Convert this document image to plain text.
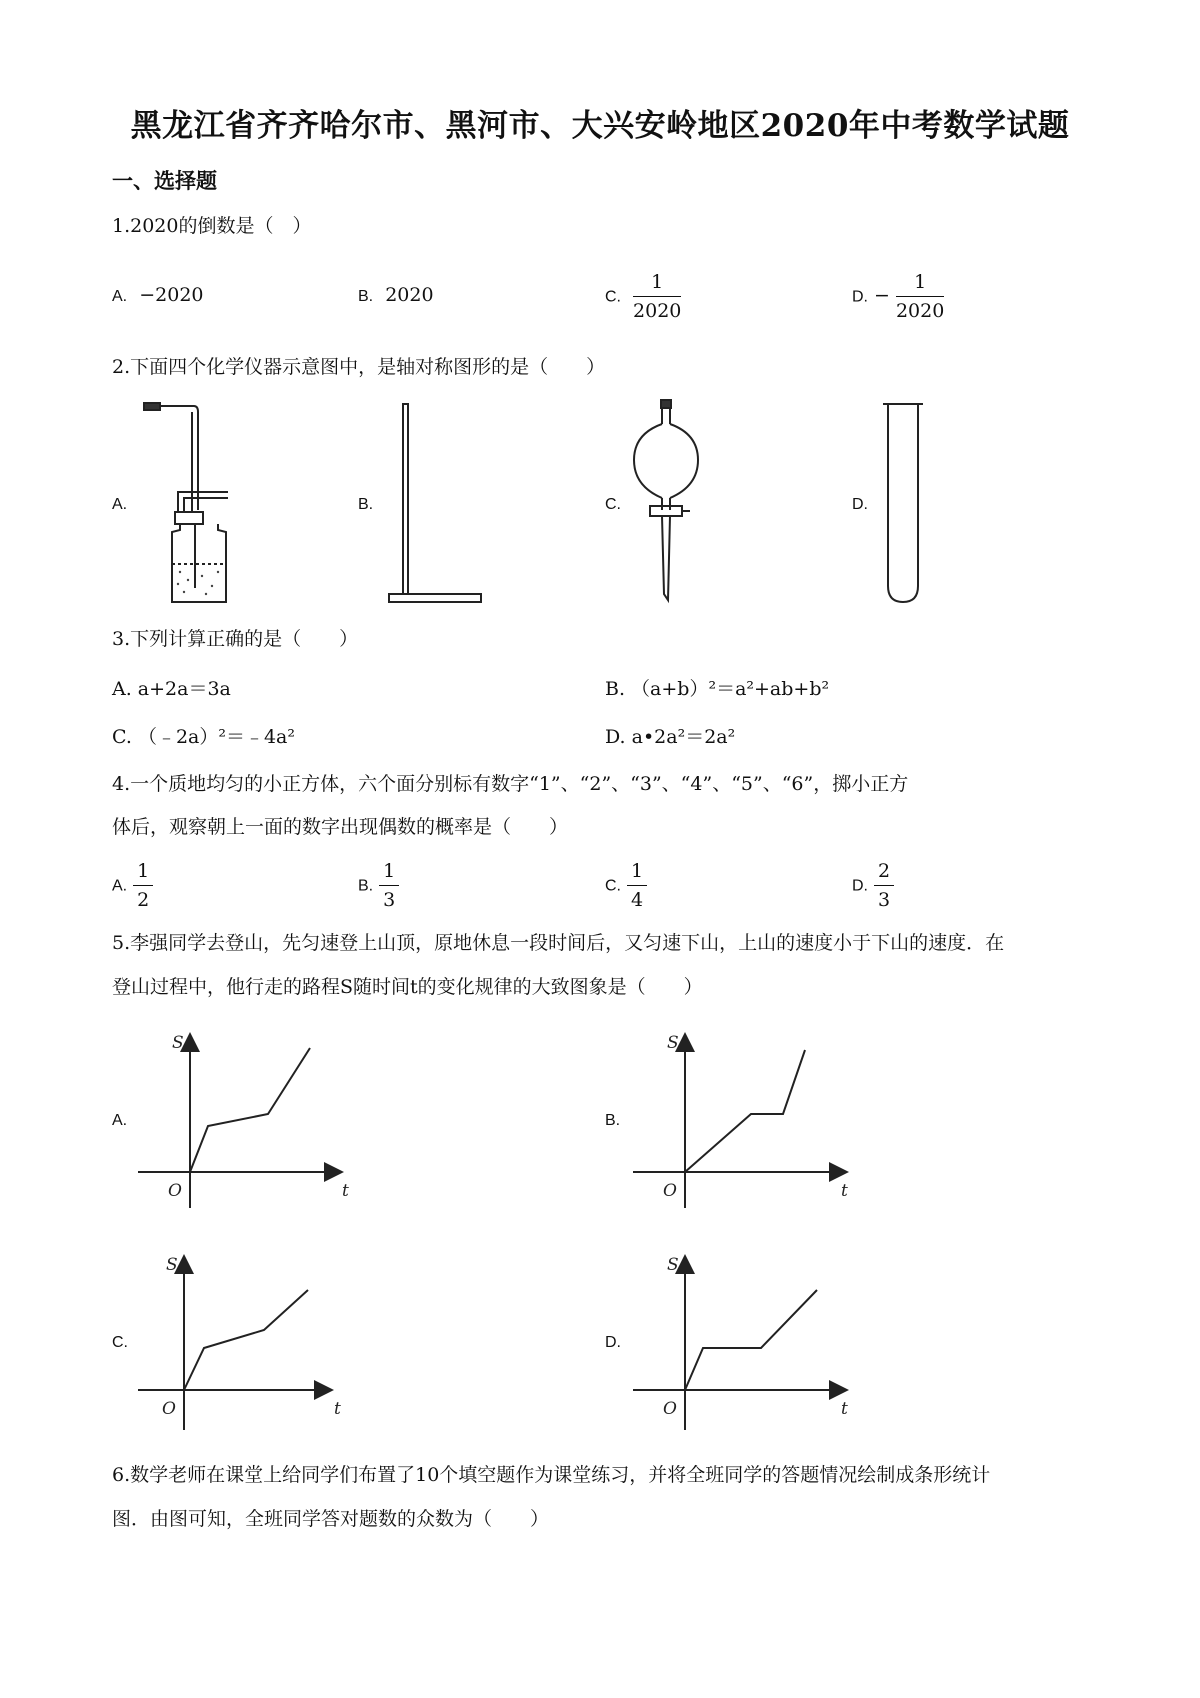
黑龙江省齐齐哈尔市、黑河市、大兴安岭地区2020年中考数学试题
一、选择题
1.2020的倒数是（　）
A. −2020	B. 2020	C. $\frac{1}{2020}$	D. − $\frac{1}{2020}$
2.下面四个化学仪器示意图中，是轴对称图形的是（　　）
A.	B.	C.	D.
3.下列计算正确的是（　　）
A. a+2a＝3a	B. （a+b）²＝a²+ab+b²
C. （﹣2a）²＝﹣4a²	D. a•2a²＝2a²
4.一个质地均匀的小正方体，六个面分别标有数字“1”、“2”、“3”、“4”、“5”、“6”，掷小正方
体后，观察朝上一面的数字出现偶数的概率是（　　）
A. $\frac{1}{2}$	B. $\frac{1}{3}$	C. $\frac{1}{4}$	D. $\frac{2}{3}$
5.李强同学去登山，先匀速登上山顶，原地休息一段时间后，又匀速下山，上山的速度小于下山的速度．在
登山过程中，他行走的路程S随时间t的变化规律的大致图象是（　　）
A.	B.
C.	D.
S
t
O
S
t
O
S
t
O
S
t
O
6.数学老师在课堂上给同学们布置了10个填空题作为课堂练习，并将全班同学的答题情况绘制成条形统计
图．由图可知，全班同学答对题数的众数为（　　）
